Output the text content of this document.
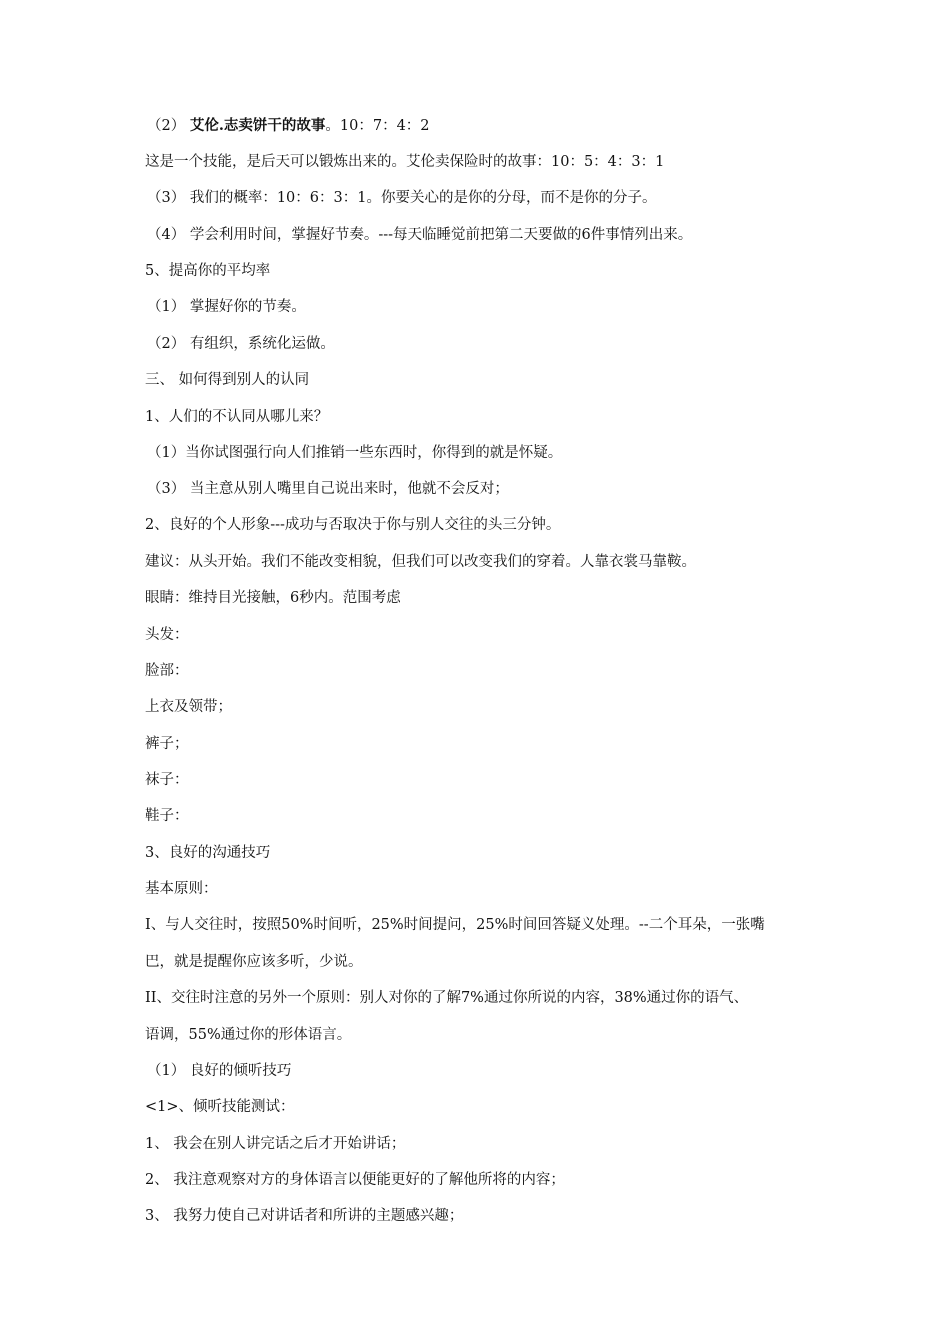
（2） 艾伦.志卖饼干的故事。10：7：4：2
这是一个技能，是后天可以锻炼出来的。艾伦卖保险时的故事：10：5：4：3：1
（3） 我们的概率：10：6：3：1。你要关心的是你的分母，而不是你的分子。
（4） 学会利用时间，掌握好节奏。---每天临睡觉前把第二天要做的6件事情列出来。
5、提高你的平均率
（1） 掌握好你的节奏。
（2） 有组织，系统化运做。
三、 如何得到别人的认同
1、人们的不认同从哪儿来？
（1）当你试图强行向人们推销一些东西时，你得到的就是怀疑。
（3） 当主意从别人嘴里自己说出来时，他就不会反对；
2、良好的个人形象---成功与否取决于你与别人交往的头三分钟。
建议：从头开始。我们不能改变相貌，但我们可以改变我们的穿着。人靠衣裳马靠鞍。
眼睛：维持目光接触，6秒内。范围考虑
头发：
脸部：
上衣及领带；
裤子；
袜子：
鞋子：
3、良好的沟通技巧
基本原则：
I、与人交往时，按照50%时间听，25%时间提问，25%时间回答疑义处理。--二个耳朵，一张嘴
巴，就是提醒你应该多听，少说。
II、交往时注意的另外一个原则：别人对你的了解7%通过你所说的内容，38%通过你的语气、
语调，55%通过你的形体语言。
（1） 良好的倾听技巧
<1>、倾听技能测试：
1、 我会在别人讲完话之后才开始讲话；
2、 我注意观察对方的身体语言以便能更好的了解他所将的内容；
3、 我努力使自己对讲话者和所讲的主题感兴趣；
